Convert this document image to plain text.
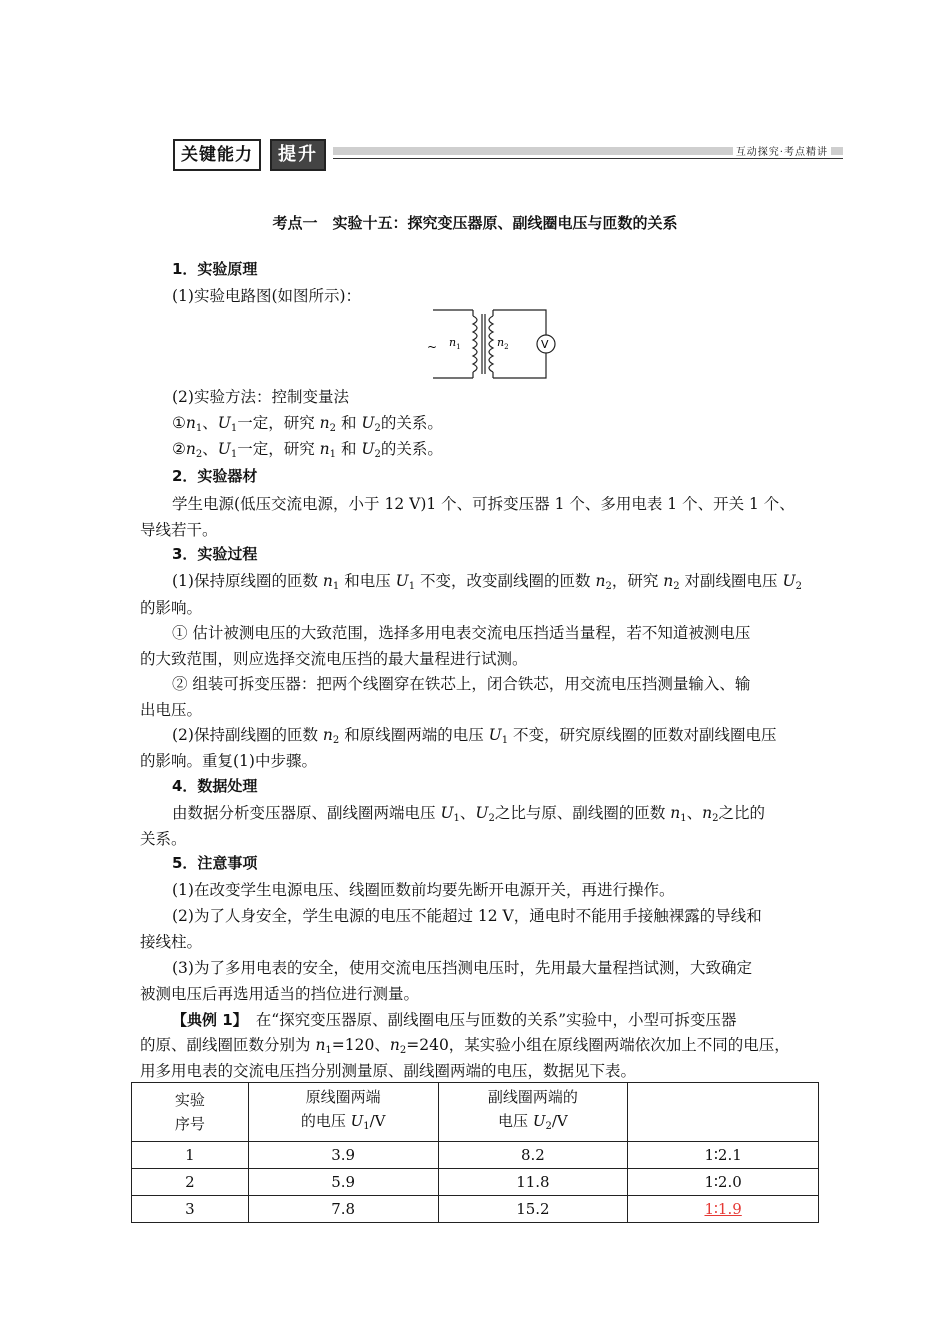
关键能力	提升	互动探究·考点精讲
考点一　实验十五：探究变压器原、副线圈电压与匝数的关系
1．实验原理
(1)实验电路图(如图所示)：
~ $n_1$	$n_2$	V
(2)实验方法：控制变量法
$①n_1$、$U_1$一定，研究 $n_2$ 和 $U_2$的关系。
$②n_2$、$U_1$一定，研究 $n_1$ 和 $U_2$的关系。
2．实验器材
学生电源(低压交流电源，小于 12 V)1 个、可拆变压器 1 个、多用电表 1 个、开关 1 个、
导线若干。
3．实验过程
(1)保持原线圈的匝数 $n_1$ 和电压 $U_1$ 不变，改变副线圈的匝数 $n_2$，研究 $n_2$ 对副线圈电压 $U_2$
的影响。
① 估计被测电压的大致范围，选择多用电表交流电压挡适当量程，若不知道被测电压
的大致范围，则应选择交流电压挡的最大量程进行试测。
② 组装可拆变压器：把两个线圈穿在铁芯上，闭合铁芯，用交流电压挡测量输入、输
出电压。
(2)保持副线圈的匝数 $n_2$ 和原线圈两端的电压 $U_1$ 不变，研究原线圈的匝数对副线圈电压
的影响。重复(1)中步骤。
4．数据处理
由数据分析变压器原、副线圈两端电压 $U_1$、$U_2$之比与原、副线圈的匝数 $n_1$、$n_2$之比的
关系。
5．注意事项
(1)在改变学生电源电压、线圈匝数前均要先断开电源开关，再进行操作。
(2)为了人身安全，学生电源的电压不能超过 12 V，通电时不能用手接触裸露的导线和
接线柱。
(3)为了多用电表的安全，使用交流电压挡测电压时，先用最大量程挡试测，大致确定
被测电压后再选用适当的挡位进行测量。
【典例 1】　 在“探究变压器原、副线圈电压与匝数的关系”实验中，小型可拆变压器
的原、副线圈匝数分别为 $n_1=120$、$n_2=240$，某实验小组在原线圈两端依次加上不同的电压，
用多用电表的交流电压挡分别测量原、副线圈两端的电压，数据见下表。
实验
序号	原线圈两端
的电压 $U_1/V$	副线圈两端的
电压 $U_2/V$	
1	3.9	8.2	1∶2.1
2	5.9	11.8	1∶2.0
3	7.8	15.2	1∶1.9
